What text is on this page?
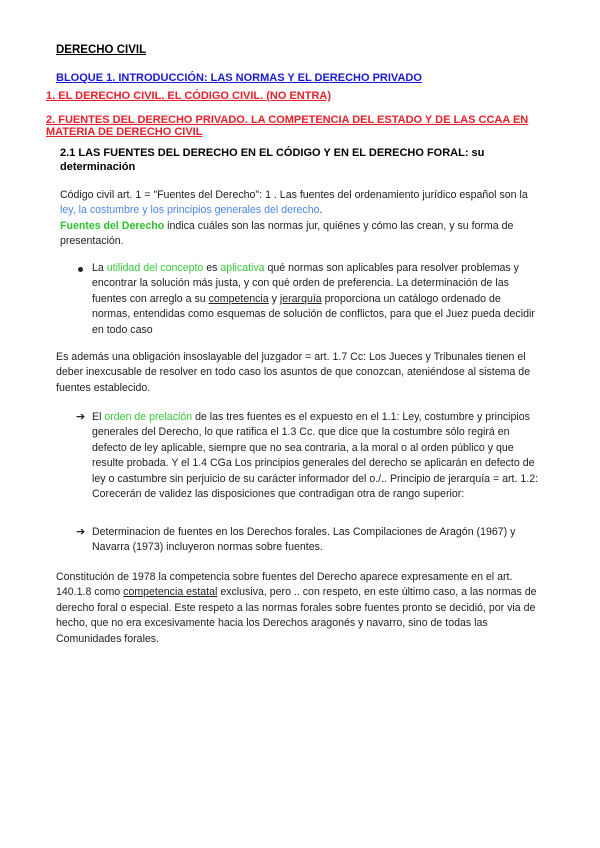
DERECHO CIVIL
BLOQUE 1. INTRODUCCIÓN: LAS NORMAS Y EL DERECHO PRIVADO
1. EL DERECHO CIVIL. EL CÓDIGO CIVIL. (NO ENTRA)
2. FUENTES DEL DERECHO PRIVADO. LA COMPETENCIA DEL ESTADO Y DE LAS CCAA EN
MATERIA DE DERECHO CIVIL
2.1 LAS FUENTES DEL DERECHO EN EL CÓDIGO Y EN EL DERECHO FORAL: su
determinación
Código civil art. 1 = "Fuentes del Derecho": 1 . Las fuentes del ordenamiento jurídico español son la ley, la costumbre y los principios generales del derecho.
Fuentes del Derecho indica cuáles son las normas jur, quiénes y cómo las crean, y su forma de presentación.
La utilidad del concepto es aplicativa qué normas son aplicables para resolver problemas y encontrar la solución más justa, y con qué orden de preferencia. La determinación de las fuentes con arreglo a su competencia y jerarquía proporciona un catálogo ordenado de normas, entendidas como esquemas de solución de conflictos, para que el Juez pueda decidir en todo caso
Es además una obligación insoslayable del juzgador = art. 1.7 Cc: Los Jueces y Tribunales tienen el deber inexcusable de resolver en todo caso los asuntos de que conozcan, ateniéndose al sistema de fuentes establecido.
➔ El orden de prelación de las tres fuentes es el expuesto en el 1.1: Ley, costumbre y principios generales del Derecho, lo que ratifica el 1.3 Cc. que dice que la costumbre sólo regirá en defecto de ley aplicable, siempre que no sea contraria, a la moral o al orden público y que resulte probada. Y el 1.4 CGa Los principios generales del derecho se aplicarán en defecto de ley o castumbre sin perjuicio de su carácter informador del o./.. Principio de jerarquía = art. 1.2: Corecerán de validez las disposiciones que contradigan otra de rango superior:
➔ Determinacion de fuentes en los Derechos forales. Las Compilaciones de Aragón (1967) y Navarra (1973) incluyeron normas sobre fuentes.
Constitución de 1978 la competencia sobre fuentes del Derecho aparece expresamente en el art. 140.1.8 como competencia estatal exclusiva, pero .. con respeto, en este último caso, a las normas de derecho foral o especial. Este respeto a las normas forales sobre fuentes pronto se decidió, por via de hecho, que no era excesivamente hacia los Derechos aragonés y navarro, sino de todas las Comunidades forales.
